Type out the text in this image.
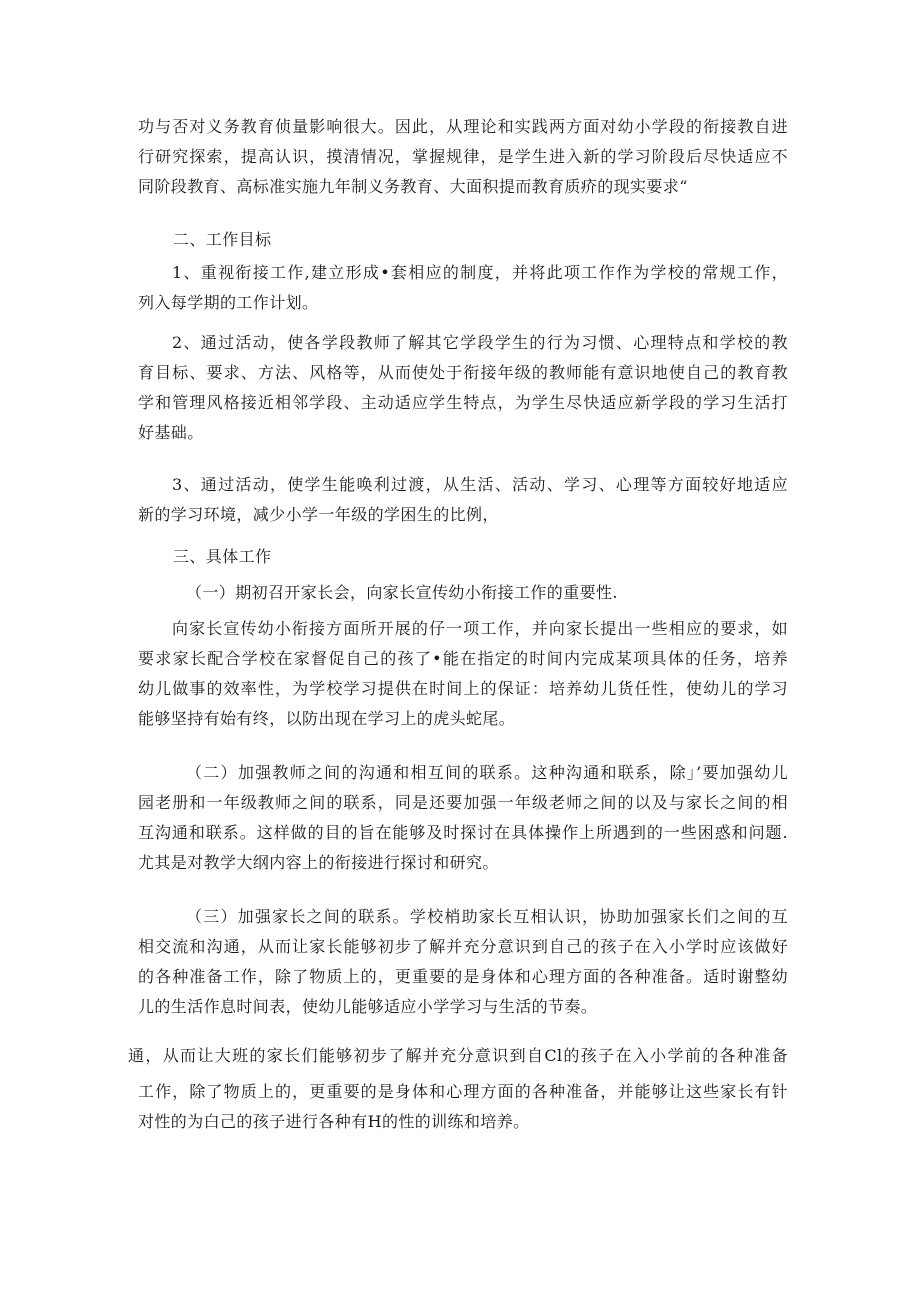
功与否对义务教育侦量影响很大。因此，从理论和实践两方面对幼小学段的衔接教自进
行研究探索，提高认识，摸清情况，掌握规律，是学生进入新的学习阶段后尽快适应不
同阶段教育、高标准实施九年制义务教育、大面积提而教育质疥的现实要求“
二、工作目标
1、重视衔接工作,建立形成•套相应的制度，并将此项工作作为学校的常规工作，
列入每学期的工作计划。
2、通过活动，使各学段教师了解其它学段学生的行为习惯、心理特点和学校的教
育目标、要求、方法、风格等，从而使处于衔接年级的教师能有意识地使自己的教育教
学和管理风格接近相邻学段、主动适应学生特点，为学生尽快适应新学段的学习生活打
好基础。
3、通过活动，使学生能唤利过渡，从生活、活动、学习、心理等方面较好地适应
新的学习环境，减少小学一年级的学困生的比例，
三、具体工作
（一）期初召开家长会，向家长宣传幼小衔接工作的重要性.
向家长宣传幼小衔接方面所开展的仔一项工作，并向家长提出一些相应的要求，如
要求家长配合学校在家督促自己的孩了•能在指定的时间内完成某项具体的任务，培养
幼儿做事的效率性，为学校学习提供在时间上的保证：培养幼儿货任性，使幼儿的学习
能够坚持有始有终，以防出现在学习上的虎头蛇尾。
（二）加强教师之间的沟通和相互间的联系。这种沟通和联系，除」’要加强幼儿
园老册和一年级教师之间的联系，同是还要加强一年级老师之间的以及与家长之间的相
互沟通和联系。这样做的目的旨在能够及时探讨在具体操作上所遇到的一些困惑和问题.
尤其是对教学大纲内容上的衔接进行探讨和研究。
（三）加强家长之间的联系。学校梢助家长互相认识，协助加强家长们之间的互
相交流和沟通，从而让家长能够初步了解并充分意识到自己的孩子在入小学时应该做好
的各种准备工作，除了物质上的，更重要的是身体和心理方面的各种准备。适时谢整幼
儿的生活作息时间表，使幼儿能够适应小学学习与生活的节奏。
通，从而让大班的家长们能够初步了解并充分意识到自Cl的孩子在入小学前的各种准备
工作，除了物质上的，更重要的是身体和心理方面的各种准备，并能够让这些家长有针
对性的为白己的孩子进行各种有H的性的训练和培养。
